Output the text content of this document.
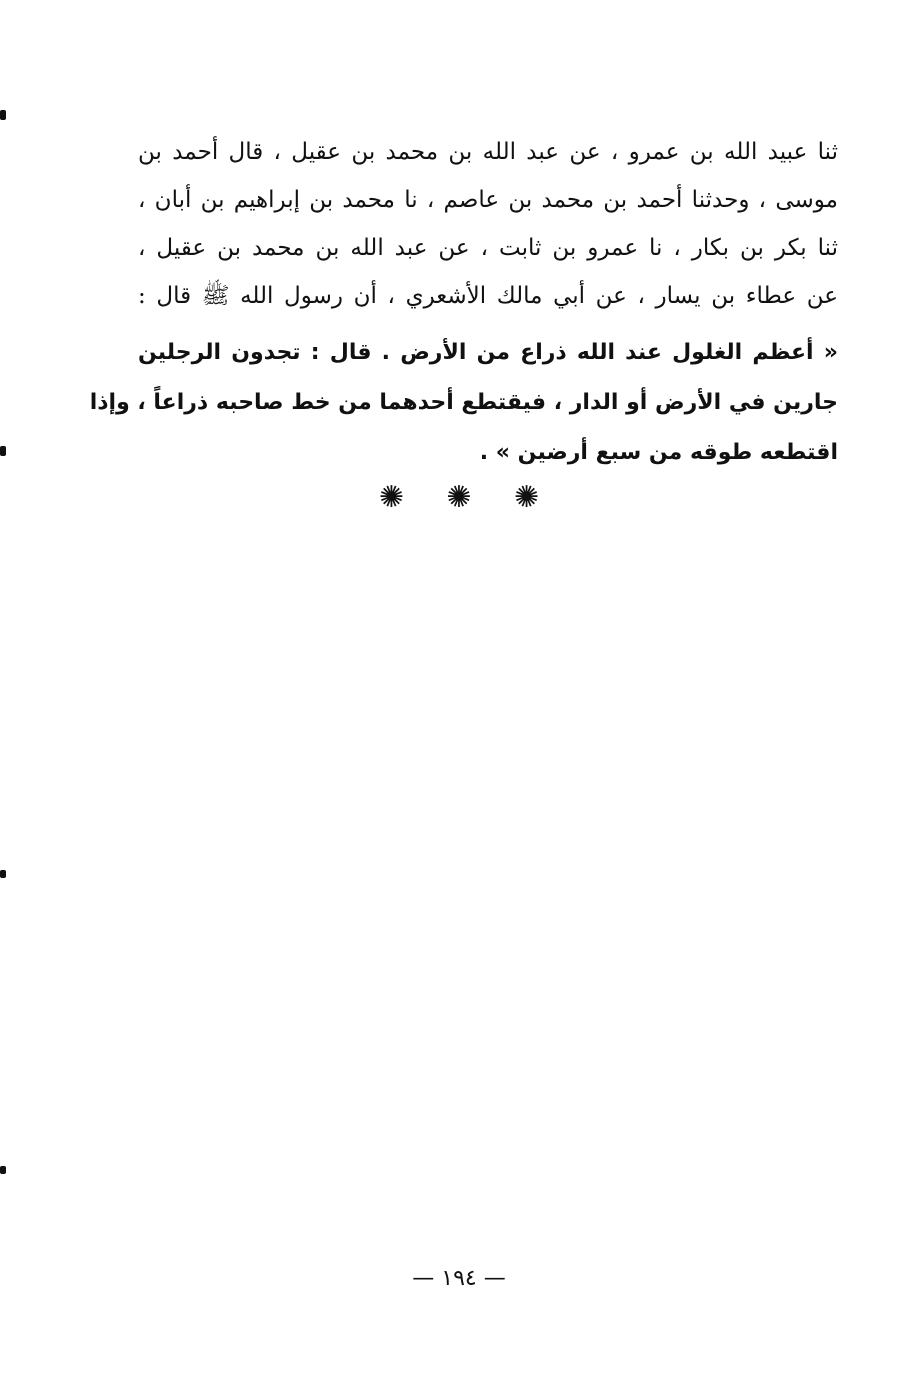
ثنا عبيد الله بن عمرو ، عن عبد الله بن محمد بن عقيل ، قال أحمد بن
موسى ، وحدثنا أحمد بن محمد بن عاصم ، نا محمد بن إبراهيم بن أبان ،
ثنا بكر بن بكار ، نا عمرو بن ثابت ، عن عبد الله بن محمد بن عقيل ،
عن عطاء بن يسار ، عن أبي مالك الأشعري ، أن رسول الله ﷺ قال :
« أعظم الغلول عند الله ذراع من الأرض . قال : تجدون الرجلين
جارين في الأرض أو الدار ، فيقتطع أحدهما من خط صاحبه ذراعاً ، وإذا
اقتطعه طوقه من سبع أرضين » .
✺ ✺ ✺
— ١٩٤ —
